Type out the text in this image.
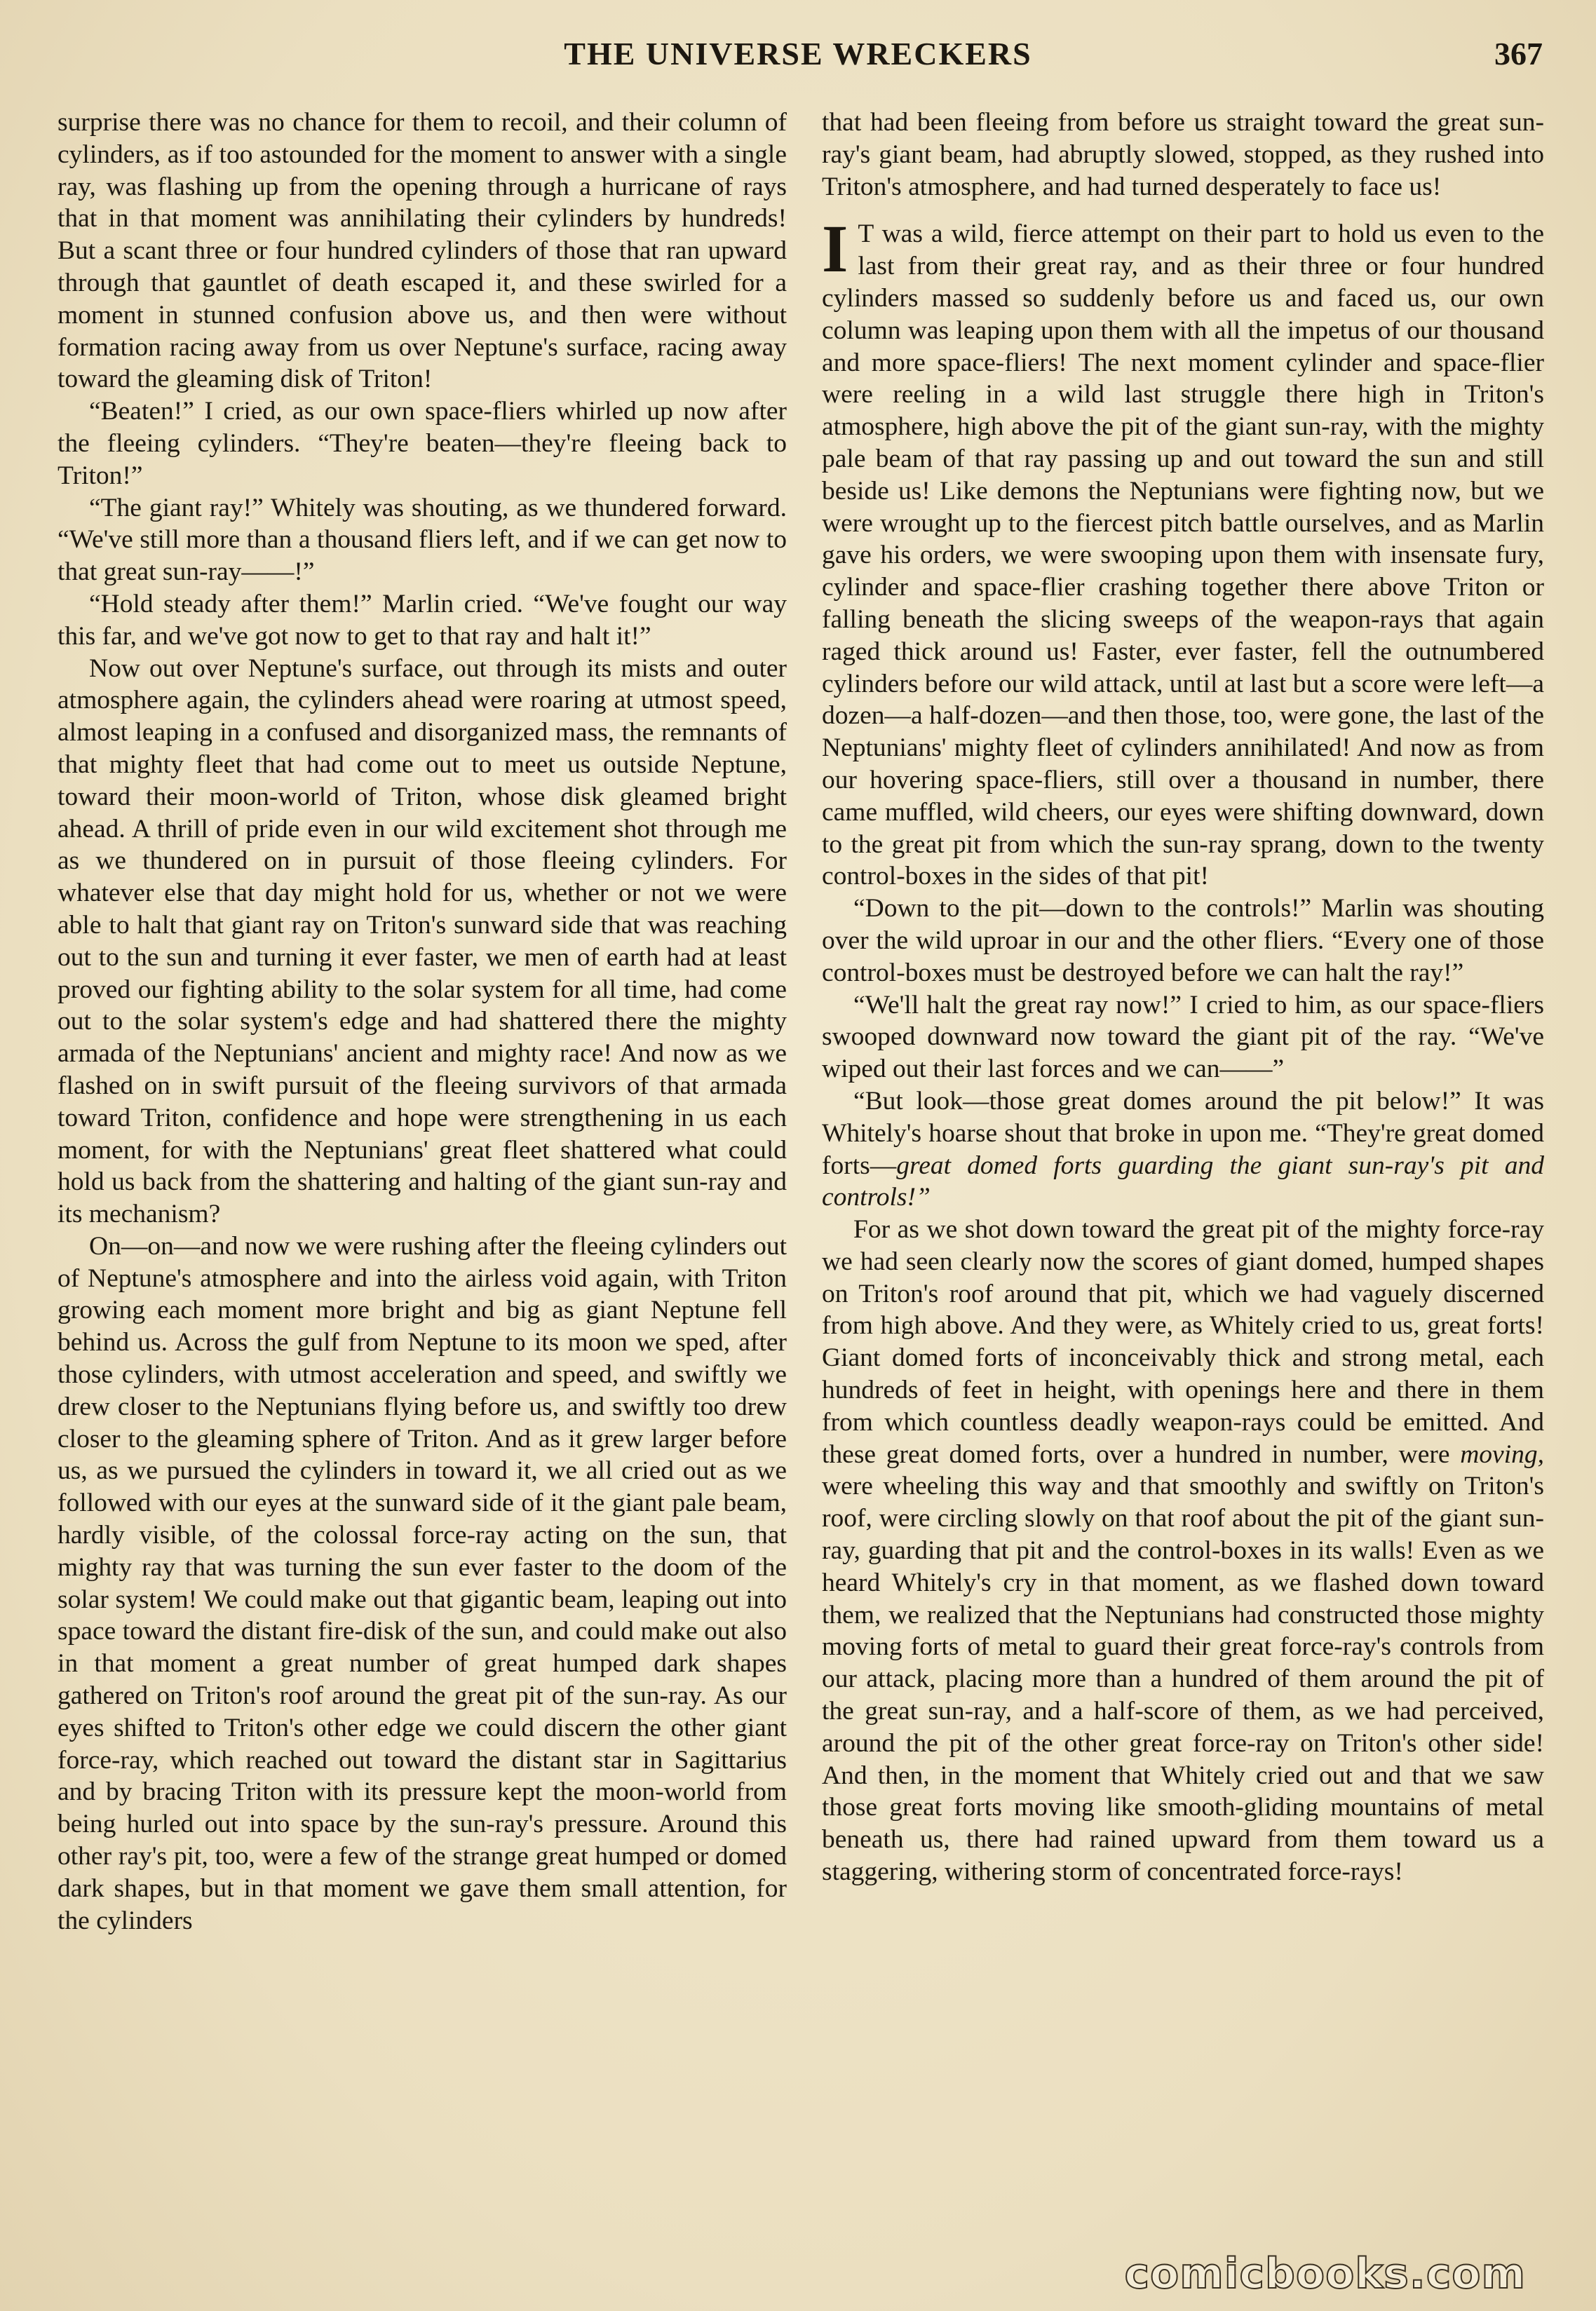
THE UNIVERSE WRECKERS	367

surprise there was no chance for them to recoil, and their column of cylinders, as if too astounded for the moment to answer with a single ray, was flashing up from the opening through a hurricane of rays that in that moment was annihilating their cylinders by hundreds! But a scant three or four hundred cylinders of those that ran upward through that gauntlet of death escaped it, and these swirled for a moment in stunned confusion above us, and then were without formation racing away from us over Neptune's surface, racing away toward the gleaming disk of Triton!

“Beaten!” I cried, as our own space-fliers whirled up now after the fleeing cylinders. “They're beaten—they're fleeing back to Triton!”

“The giant ray!” Whitely was shouting, as we thundered forward. “We've still more than a thousand fliers left, and if we can get now to that great sun-ray——!”

“Hold steady after them!” Marlin cried. “We've fought our way this far, and we've got now to get to that ray and halt it!”

Now out over Neptune's surface, out through its mists and outer atmosphere again, the cylinders ahead were roaring at utmost speed, almost leaping in a confused and disorganized mass, the remnants of that mighty fleet that had come out to meet us outside Neptune, toward their moon-world of Triton, whose disk gleamed bright ahead. A thrill of pride even in our wild excitement shot through me as we thundered on in pursuit of those fleeing cylinders. For whatever else that day might hold for us, whether or not we were able to halt that giant ray on Triton's sunward side that was reaching out to the sun and turning it ever faster, we men of earth had at least proved our fighting ability to the solar system for all time, had come out to the solar system's edge and had shattered there the mighty armada of the Neptunians' ancient and mighty race! And now as we flashed on in swift pursuit of the fleeing survivors of that armada toward Triton, confidence and hope were strengthening in us each moment, for with the Neptunians' great fleet shattered what could hold us back from the shattering and halting of the giant sun-ray and its mechanism?

On—on—and now we were rushing after the fleeing cylinders out of Neptune's atmosphere and into the airless void again, with Triton growing each moment more bright and big as giant Neptune fell behind us. Across the gulf from Neptune to its moon we sped, after those cylinders, with utmost acceleration and speed, and swiftly we drew closer to the Neptunians flying before us, and swiftly too drew closer to the gleaming sphere of Triton. And as it grew larger before us, as we pursued the cylinders in toward it, we all cried out as we followed with our eyes at the sunward side of it the giant pale beam, hardly visible, of the colossal force-ray acting on the sun, that mighty ray that was turning the sun ever faster to the doom of the solar system! We could make out that gigantic beam, leaping out into space toward the distant fire-disk of the sun, and could make out also in that moment a great number of great humped dark shapes gathered on Triton's roof around the great pit of the sun-ray. As our eyes shifted to Triton's other edge we could discern the other giant force-ray, which reached out toward the distant star in Sagittarius and by bracing Triton with its pressure kept the moon-world from being hurled out into space by the sun-ray's pressure. Around this other ray's pit, too, were a few of the strange great humped or domed dark shapes, but in that moment we gave them small attention, for the cylinders

that had been fleeing from before us straight toward the great sun-ray's giant beam, had abruptly slowed, stopped, as they rushed into Triton's atmosphere, and had turned desperately to face us!

I T was a wild, fierce attempt on their part to hold us even to the last from their great ray, and as their three or four hundred cylinders massed so suddenly before us and faced us, our own column was leaping upon them with all the impetus of our thousand and more space-fliers! The next moment cylinder and space-flier were reeling in a wild last struggle there high in Triton's atmosphere, high above the pit of the giant sun-ray, with the mighty pale beam of that ray passing up and out toward the sun and still beside us! Like demons the Neptunians were fighting now, but we were wrought up to the fiercest pitch battle ourselves, and as Marlin gave his orders, we were swooping upon them with insensate fury, cylinder and space-flier crashing together there above Triton or falling beneath the slicing sweeps of the weapon-rays that again raged thick around us! Faster, ever faster, fell the outnumbered cylinders before our wild attack, until at last but a score were left—a dozen—a half-dozen—and then those, too, were gone, the last of the Neptunians' mighty fleet of cylinders annihilated! And now as from our hovering space-fliers, still over a thousand in number, there came muffled, wild cheers, our eyes were shifting downward, down to the great pit from which the sun-ray sprang, down to the twenty control-boxes in the sides of that pit!

“Down to the pit—down to the controls!” Marlin was shouting over the wild uproar in our and the other fliers. “Every one of those control-boxes must be destroyed before we can halt the ray!”

“We'll halt the great ray now!” I cried to him, as our space-fliers swooped downward now toward the giant pit of the ray. “We've wiped out their last forces and we can——”

“But look—those great domes around the pit below!” It was Whitely's hoarse shout that broke in upon me. “They're great domed forts—great domed forts guarding the giant sun-ray's pit and controls!”

For as we shot down toward the great pit of the mighty force-ray we had seen clearly now the scores of giant domed, humped shapes on Triton's roof around that pit, which we had vaguely discerned from high above. And they were, as Whitely cried to us, great forts! Giant domed forts of inconceivably thick and strong metal, each hundreds of feet in height, with openings here and there in them from which countless deadly weapon-rays could be emitted. And these great domed forts, over a hundred in number, were moving, were wheeling this way and that smoothly and swiftly on Triton's roof, were circling slowly on that roof about the pit of the giant sun-ray, guarding that pit and the control-boxes in its walls! Even as we heard Whitely's cry in that moment, as we flashed down toward them, we realized that the Neptunians had constructed those mighty moving forts of metal to guard their great force-ray's controls from our attack, placing more than a hundred of them around the pit of the great sun-ray, and a half-score of them, as we had perceived, around the pit of the other great force-ray on Triton's other side! And then, in the moment that Whitely cried out and that we saw those great forts moving like smooth-gliding mountains of metal beneath us, there had rained upward from them toward us a staggering, withering storm of concentrated force-rays!

comicbooks.com
